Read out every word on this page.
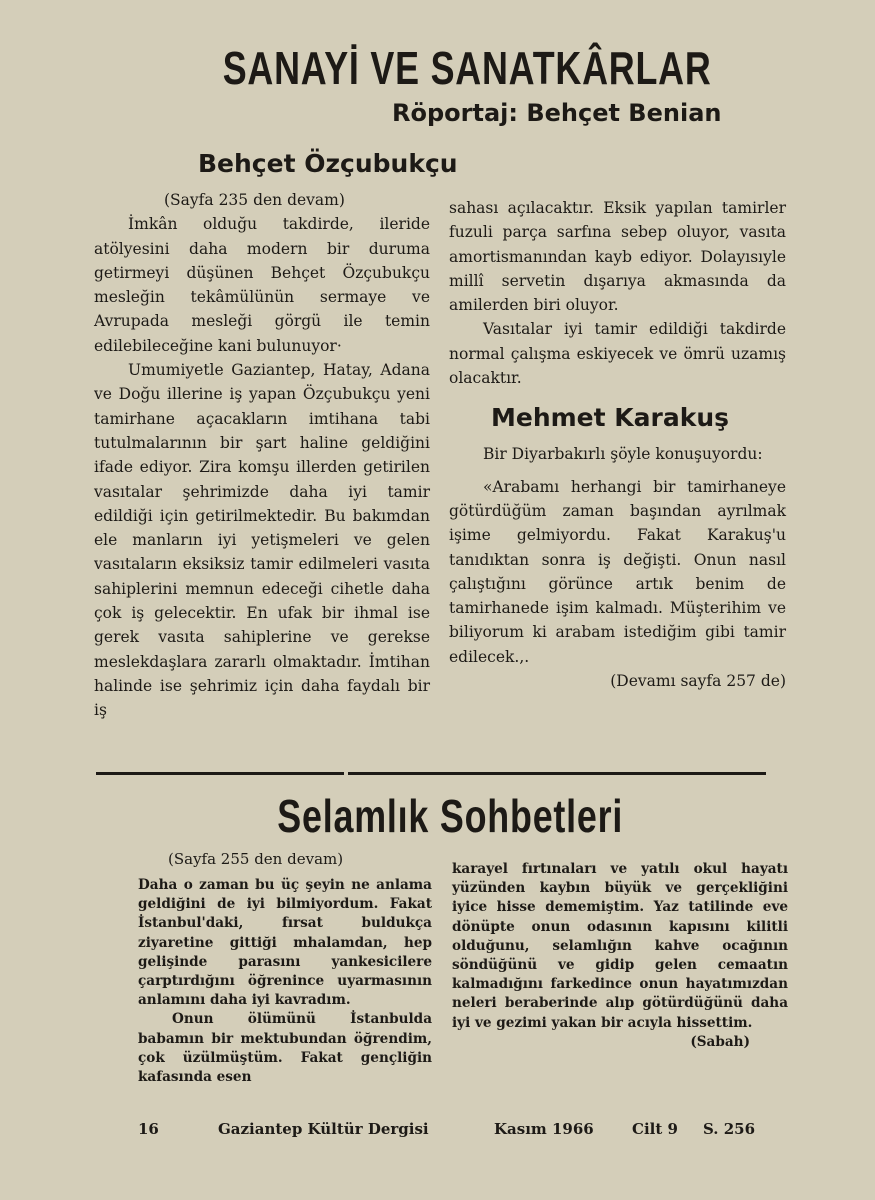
SANAYİ VE SANATKÂRLAR
Röportaj: Behçet Benian
Behçet Özçubukçu

(Sayfa 235 den devam)

İmkân olduğu takdirde, ileride atölyesini daha modern bir duruma getirmeyi düşünen Behçet Özçubukçu mesleğin tekâmülünün sermaye ve Avrupada mesleği görgü ile temin edilebileceğine kani bulunuyor·

Umumiyetle Gaziantep, Hatay, Adana ve Doğu illerine iş yapan Özçubukçu yeni tamirhane açacakların imtihana tabi tutulmalarının bir şart haline geldiğini ifade ediyor. Zira komşu illerden getirilen vasıtalar şehrimizde daha iyi tamir edildiği için getirilmektedir. Bu bakımdan ele manların iyi yetişmeleri ve gelen vasıtaların eksiksiz tamir edilmeleri vasıta sahiplerini memnun edeceği cihetle daha çok iş gelecektir. En ufak bir ihmal ise gerek vasıta sahiplerine ve gerekse meslekdaşlara zararlı olmaktadır. İmtihan halinde ise şehrimiz için daha faydalı bir iş

sahası açılacaktır. Eksik yapılan tamirler fuzuli parça sarfına sebep oluyor, vasıta amortismanından kayb ediyor. Dolayısıyle millî servetin dışarıya akmasında da amilerden biri oluyor.

Vasıtalar iyi tamir edildiği takdirde normal çalışma eskiyecek ve ömrü uzamış olacaktır.

Mehmet Karakuş

Bir Diyarbakırlı şöyle konuşuyordu:

«Arabamı herhangi bir tamirhaneye götürdüğüm zaman başından ayrılmak işime gelmiyordu. Fakat Karakuş'u tanıdıktan sonra iş değişti. Onun nasıl çalıştığını görünce artık benim de tamirhanede işim kalmadı. Müşterihim ve biliyorum ki arabam istediğim gibi tamir edilecek.,.

(Devamı sayfa 257 de)

Selamlık Sohbetleri

(Sayfa 255 den devam)

Daha o zaman bu üç şeyin ne anlama geldiğini de iyi bilmiyordum. Fakat İstanbul'daki, fırsat buldukça ziyaretine gittiği mhalamdan, hep gelişinde parasını yankesicilere çarptırdığını öğrenince uyarmasının anlamını daha iyi kavradım.

Onun ölümünü İstanbulda babamın bir mektubundan öğrendim, çok üzülmüştüm. Fakat gençliğin kafasında esen

karayel fırtınaları ve yatılı okul hayatı yüzünden kaybın büyük ve gerçekliğini iyice hisse dememiştim. Yaz tatilinde eve dönüpte onun odasının kapısını kilitli olduğunu, selamlığın kahve ocağının söndüğünü ve gidip gelen cemaatın kalmadığını farkedince onun hayatımızdan neleri beraberinde alıp götürdüğünü daha iyi ve gezimi yakan bir acıyla hissettim.

(Sabah)

16	Gaziantep Kültür Dergisi	Kasım 1966	Cilt 9 S. 256
